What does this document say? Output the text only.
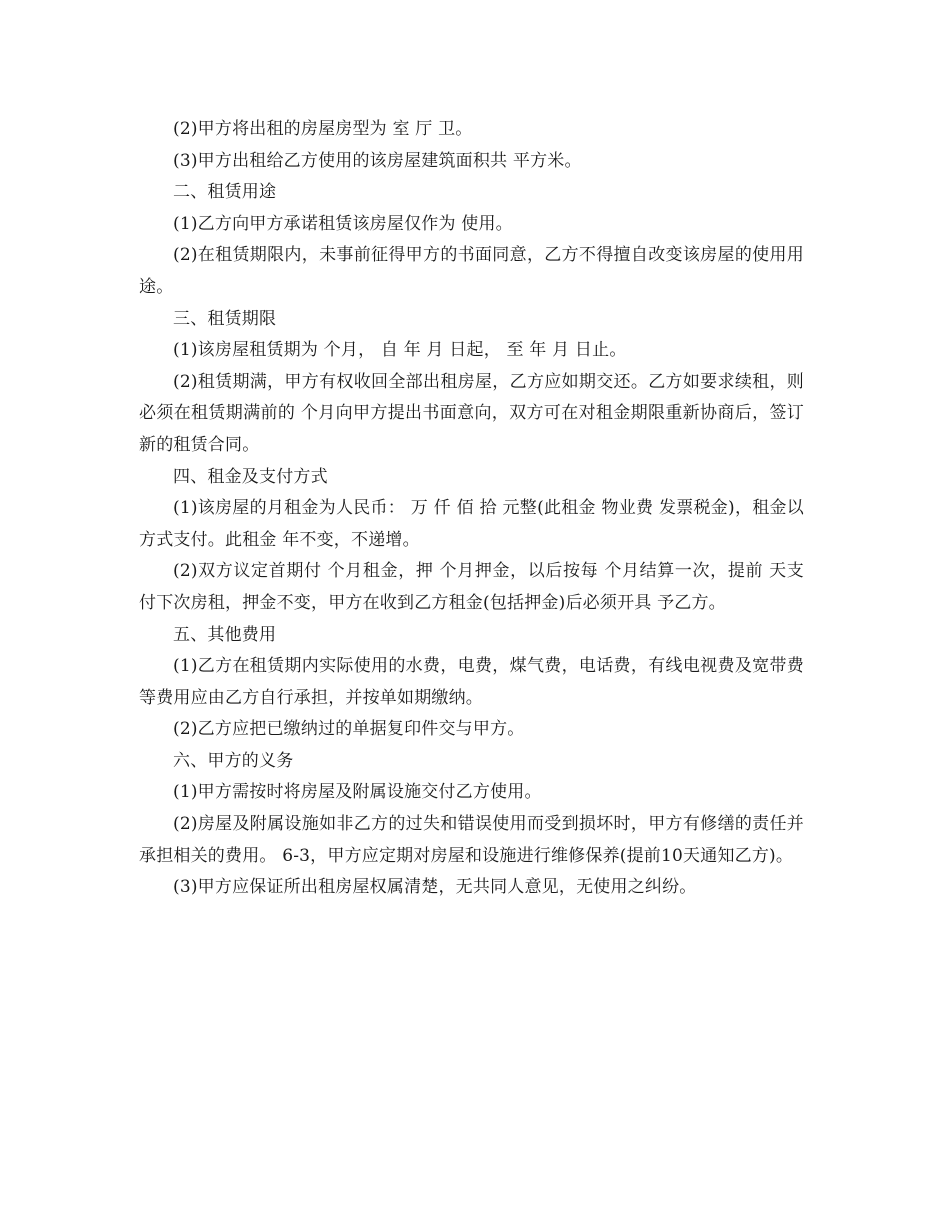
(2)甲方将出租的房屋房型为 室 厅 卫。

(3)甲方出租给乙方使用的该房屋建筑面积共 平方米。

二、租赁用途

(1)乙方向甲方承诺租赁该房屋仅作为 使用。

(2)在租赁期限内，未事前征得甲方的书面同意，乙方不得擅自改变该房屋的使用用途。

三、租赁期限

(1)该房屋租赁期为 个月， 自 年 月 日起， 至 年 月 日止。

(2)租赁期满，甲方有权收回全部出租房屋，乙方应如期交还。乙方如要求续租，则必须在租赁期满前的 个月向甲方提出书面意向，双方可在对租金期限重新协商后，签订新的租赁合同。

四、租金及支付方式

(1)该房屋的月租金为人民币： 万 仟 佰 拾 元整(此租金 物业费 发票税金)，租金以 方式支付。此租金 年不变，不递增。

(2)双方议定首期付 个月租金，押 个月押金，以后按每 个月结算一次，提前 天支付下次房租，押金不变，甲方在收到乙方租金(包括押金)后必须开具 予乙方。

五、其他费用

(1)乙方在租赁期内实际使用的水费，电费，煤气费，电话费，有线电视费及宽带费等费用应由乙方自行承担，并按单如期缴纳。

(2)乙方应把已缴纳过的单据复印件交与甲方。

六、甲方的义务

(1)甲方需按时将房屋及附属设施交付乙方使用。

(2)房屋及附属设施如非乙方的过失和错误使用而受到损坏时，甲方有修缮的责任并承担相关的费用。 6-3，甲方应定期对房屋和设施进行维修保养(提前10天通知乙方)。

(3)甲方应保证所出租房屋权属清楚，无共同人意见，无使用之纠纷。
